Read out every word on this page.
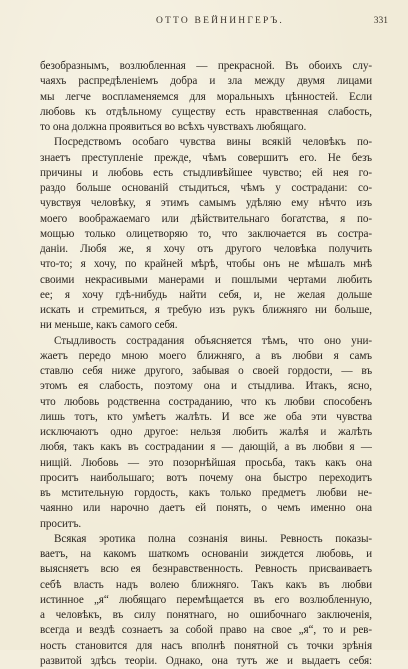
ОТТО ВЕЙНИНГЕРЪ.	331
безобразнымъ, возлюбленная — прекрасной. Въ обоихъ слу-
чаяхъ распредѣленіемъ добра и зла между двумя лицами
мы легче воспламеняемся для моральныхъ цѣнностей. Если
любовь къ отдѣльному существу есть нравственная слабость,
то она должна проявиться во всѣхъ чувствахъ любящаго.
Посредствомъ особаго чувства вины всякій человѣкъ по-
знаетъ преступленіе прежде, чѣмъ совершитъ его. Не безъ
причины и любовь есть стыдливѣйшее чувство; ей нея го-
раздо больше основаній стыдиться, чѣмъ у сострадани: со-
чувствуя человѣку, я этимъ самымъ удѣляю ему нѣчто изъ
моего воображаемаго или дѣйствительнаго богатства, я по-
мощью только олицетворяю то, что заключается въ сострa-
даніи. Любя же, я хочу отъ другого человѣка получить
что-то; я хочу, по крайней мѣрѣ, чтобы онъ не мѣшалъ мнѣ
своими некрасивыми манерами и пошлыми чертами любить
ее; я хочу гдѣ-нибудь найти себя, и, не желая дольше
искать и стремиться, я требую изъ рукъ ближняго ни больше,
ни меньше, какъ самого себя.
Стыдливость сострадания объясняется тѣмъ, что оно уни-
жаетъ передо мною моего ближняго, а въ любви я самъ
ставлю себя ниже другого, забывая о своей гордости, — въ
этомъ ея слабость, поэтому она и стыдлива. Итакъ, ясно,
что любовь родственна состраданию, что къ любви способенъ
лишь тотъ, кто умѣетъ жалѣть. И все же оба эти чувства
исключаютъ одно другое: нельзя любить жалѣя и жалѣть
любя, такъ какъ въ сострадании я — дающій, а въ любви я —
нищій. Любовь — это позорнѣйшая просьба, такъ какъ она
проситъ наибольшаго; вотъ почему она быстро переходитъ
въ мстительную гордость, какъ только предметъ любви не-
чаянно или нарочно даетъ ей понять, о чемъ именно она
проситъ.
Всякая эротика полна сознанія вины. Ревность показы-
ваетъ, на какомъ шаткомъ основаніи зиждется любовь, и
выясняетъ всю ея безнравственность. Ревность присваиваетъ
себѣ власть надъ волею ближняго. Такъ какъ въ любви
истинное „я“ любящаго перемѣщается въ его возлюбленную,
а человѣкъ, въ силу понятнаго, но ошибочнаго заключенія,
всегда и вездѣ сознаетъ за собой право на свое „я“, то и рев-
ность становится для насъ вполнѣ понятной съ точки зрѣнія
развитой здѣсь теоріи. Однако, она тутъ же и выдаетъ себя:
